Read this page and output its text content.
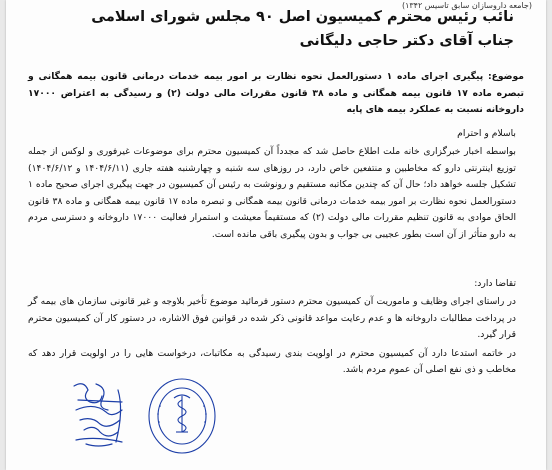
(جامعه داروسازان سابق تاسیس ۱۳۴۲)
نائب رئیس محترم کمیسیون اصل ۹۰ مجلس شورای اسلامی
جناب آقای دکتر حاجی دلیگانی
موضوع: پیگیری اجرای ماده ۱ دستورالعمل نحوه نظارت بر امور بیمه خدمات درمانی قانون بیمه همگانی و تبصره ماده ۱۷ قانون بیمه همگانی و ماده ۳۸ قانون مقررات مالی دولت (۲) و رسیدگی به اعتراض ۱۷۰۰۰ داروخانه نسبت به عملکرد بیمه های پایه
باسلام و احترام
بواسطه اخبار خبرگزاری خانه ملت اطلاع حاصل شد که مجدداً آن کمیسیون محترم برای موضوعات غیرفوری و لوکس از جمله توزیع اینترنتی دارو که مخاطبین و منتفعین خاص دارد، در روزهای سه شنبه و چهارشنبه هفته جاری (۱۴۰۴/۶/۱۱ و ۱۴۰۴/۶/۱۲) تشکیل جلسه خواهد داد؛ حال آن که چندین مکاتبه مستقیم و رونوشت به رئیس آن کمیسیون در جهت پیگیری اجرای صحیح ماده ۱ دستورالعمل نحوه نظارت بر امور بیمه خدمات درمانی قانون بیمه همگانی و تبصره ماده ۱۷ قانون بیمه همگانی و ماده ۳۸ قانون الحاق موادی به قانون تنظیم مقررات مالی دولت (۲) که مستقیماً معیشت و استمرار فعالیت ۱۷۰۰۰ داروخانه و دسترسی مردم به دارو متأثر از آن است بطور عجیبی بی جواب و بدون پیگیری باقی مانده است.
تقاضا دارد:

در راستای اجرای وظایف و ماموریت آن کمیسیون محترم دستور فرمائید موضوع تأخیر بلاوجه و غیر قانونی سازمان های بیمه گر در پرداخت مطالبات داروخانه ها و عدم رعایت مواعد قانونی ذکر شده در قوانین فوق الاشاره، در دستور کار آن کمیسیون محترم قرار گیرد.

در خاتمه استدعا دارد آن کمیسیون محترم در اولویت بندی رسیدگی به مکاتبات، درخواست هایی را در اولویت قرار دهد که مخاطب و ذی نفع اصلی آن عموم مردم باشد.
